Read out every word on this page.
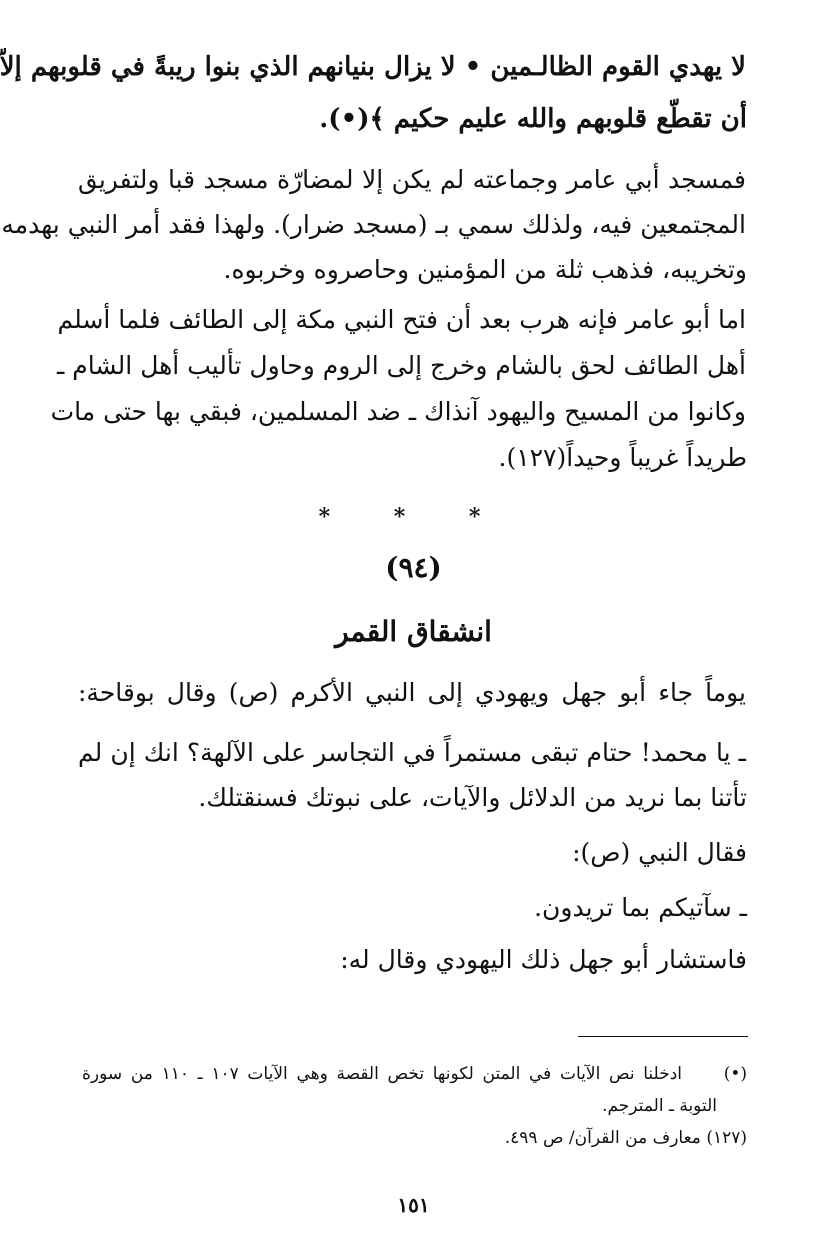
لا يهدي القوم الظالـمين • لا يزال بنيانهم الذي بنوا ريبةً في قلوبهم إلاّ
أن تقطّع قلوبهم والله عليم حكيم ﴾(•).
فمسجد أبي عامر وجماعته لم يكن إلا لمضارّة مسجد قبا ولتفريق
المجتمعين فيه، ولذلك سمي بـ (مسجد ضرار). ولهذا فقد أمر النبي بهدمه
وتخريبه، فذهب ثلة من المؤمنين وحاصروه وخربوه.
اما أبو عامر فإنه هرب بعد أن فتح النبي مكة إلى الطائف فلما أسلم
أهل الطائف لحق بالشام وخرج إلى الروم وحاول تأليب أهل الشام ـ
وكانوا من المسيح واليهود آنذاك ـ ضد المسلمين، فبقي بها حتى مات
طريداً غريباً وحيداً(١٢٧).
* * *
(٩٤)
انشقاق القمر
يوماً جاء أبو جهل ويهودي إلى النبي الأكرم (ص) وقال بوقاحة:
ـ يا محمد! حتام تبقى مستمراً في التجاسر على الآلهة؟ انك إن لم
تأتنا بما نريد من الدلائل والآيات، على نبوتك فسنقتلك.
فقال النبي (ص):
ـ سآتيكم بما تريدون.
فاستشار أبو جهل ذلك اليهودي وقال له:
(•)
ادخلنا نص الآيات في المتن لكونها تخص القصة وهي الآيات ١٠٧ ـ ١١٠ من سورة
التوبة ـ المترجم.
(١٢٧) معارف من القرآن/ ص ٤٩٩.
١٥١
